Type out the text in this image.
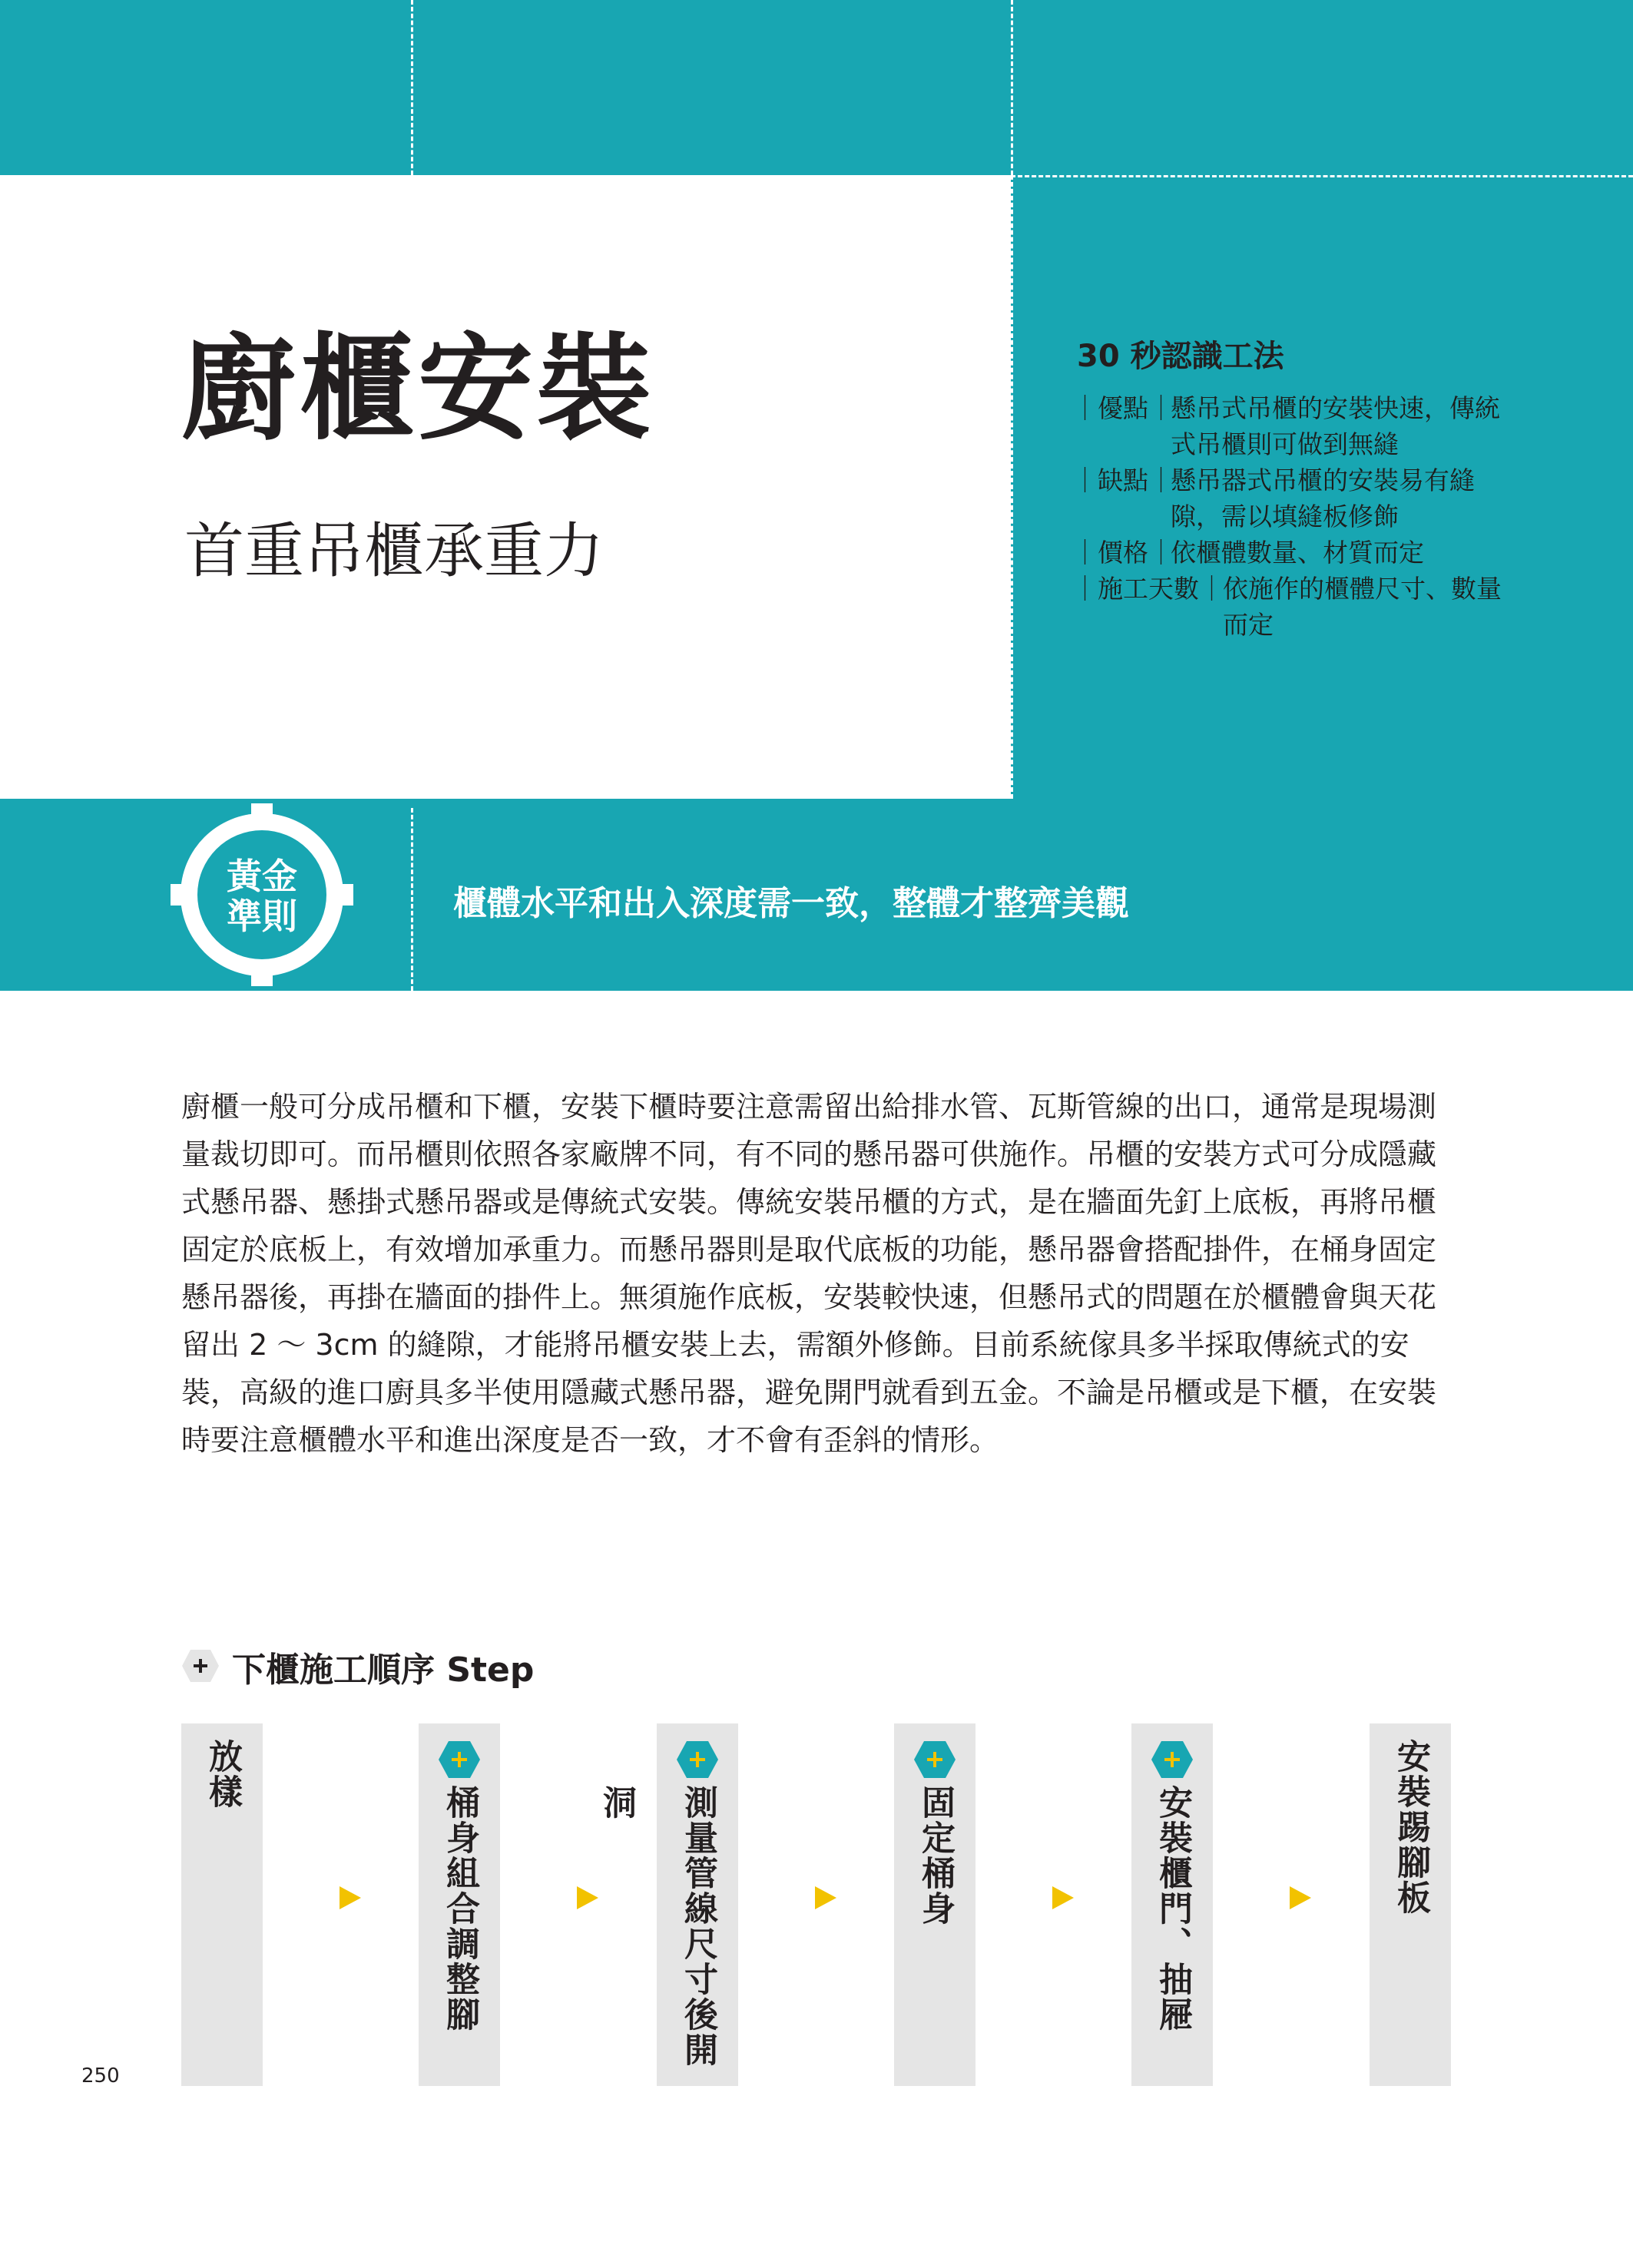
廚櫃安裝
首重吊櫃承重力
30 秒認識工法
｜優點｜
懸吊式吊櫃的安裝快速，傳統
式吊櫃則可做到無縫
｜缺點｜
懸吊器式吊櫃的安裝易有縫
隙，需以填縫板修飾
｜價格｜
依櫃體數量、材質而定
｜施工天數｜
依施作的櫃體尺寸、數量
而定
黃金
準則	櫃體水平和出入深度需一致，整體才整齊美觀

廚櫃一般可分成吊櫃和下櫃，安裝下櫃時要注意需留出給排水管、瓦斯管線的出口，通常是現場測量裁切即可。而吊櫃則依照各家廠牌不同，有不同的懸吊器可供施作。吊櫃的安裝方式可分成隱藏式懸吊器、懸掛式懸吊器或是傳統式安裝。傳統安裝吊櫃的方式，是在牆面先釘上底板，再將吊櫃固定於底板上，有效增加承重力。而懸吊器則是取代底板的功能，懸吊器會搭配掛件，在桶身固定懸吊器後，再掛在牆面的掛件上。無須施作底板，安裝較快速，但懸吊式的問題在於櫃體會與天花留出 2 ～ 3cm 的縫隙，才能將吊櫃安裝上去，需額外修飾。目前系統傢具多半採取傳統式的安裝，高級的進口廚具多半使用隱藏式懸吊器，避免開門就看到五金。不論是吊櫃或是下櫃，在安裝時要注意櫃體水平和進出深度是否一致，才不會有歪斜的情形。

下櫃施工順序 Step
放樣
桶身組合調整腳	測量管線尺寸後開洞	固定桶身	安裝櫃門、抽屜	安裝踢腳板
250
